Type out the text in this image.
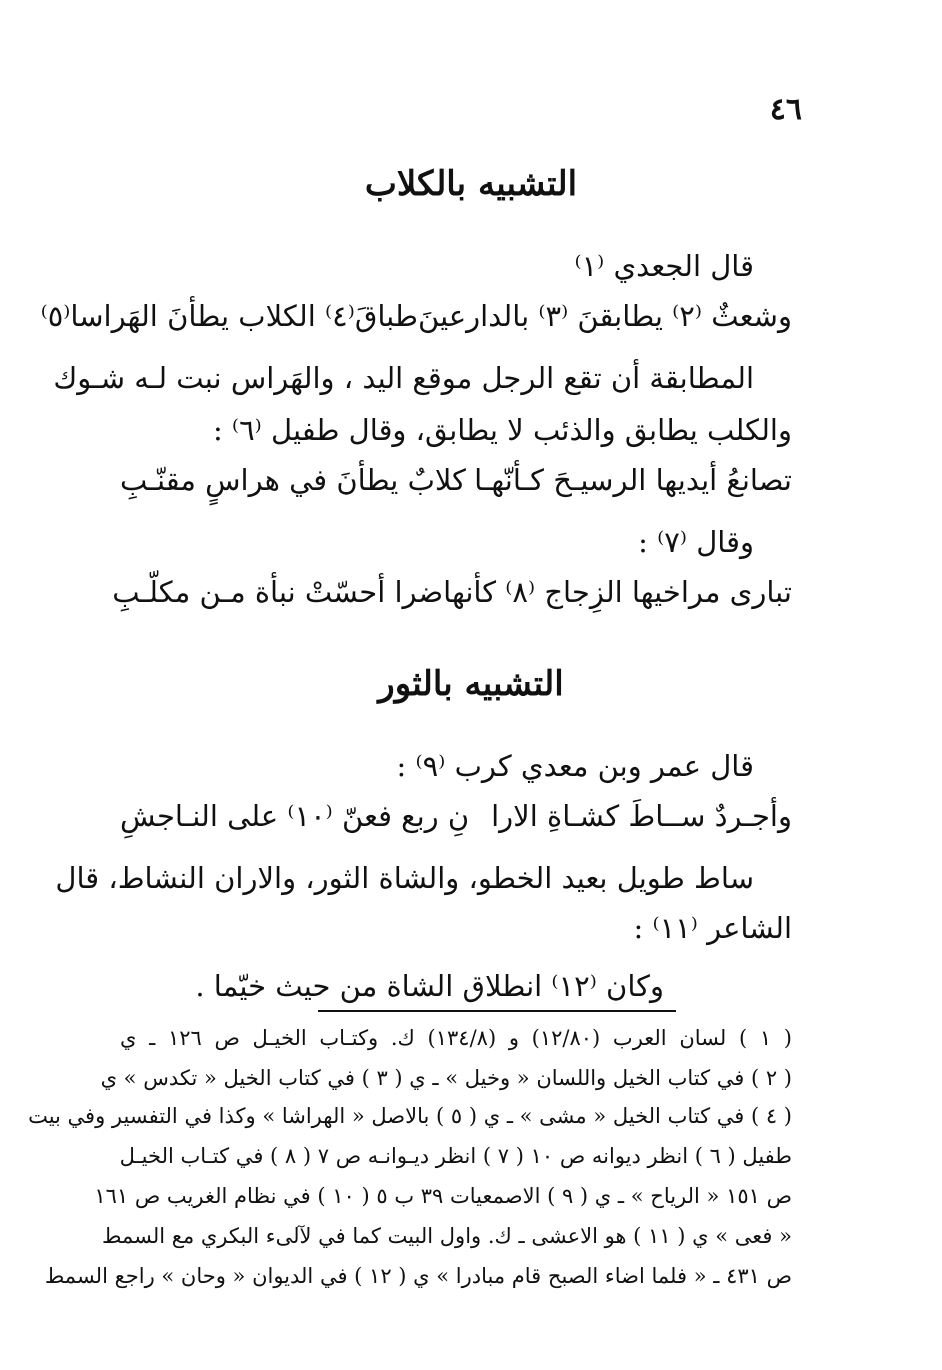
٤٦
التشبيه بالكلاب
قال الجعدي ⁽١⁾
وشعثٌ ⁽٢⁾ يطابقنَ ⁽٣⁾ بالدارعينَ
طباقَ⁽٤⁾ الكلاب يطأنَ الهَراسا⁽٥⁾
المطابقة أن تقع الرجل موقع اليد ، والهَراس نبت لـه شـوك
والكلب يطابق والذئب لا يطابق، وقال طفيل ⁽٦⁾ :
تصانعُ أيديها الرسيـحَ كـأنّهـا
كلابٌ يطأنَ في هراسٍ مقنّـبِ
وقال ⁽٧⁾ :
تبارى مراخيها الزِجاج ⁽٨⁾ كأنها
ضرا أحسّتْ نبأة مـن مكلّـبِ
التشبيه بالثور
قال عمر وبن معدي كرب ⁽٩⁾ :
وأجـردٌ ســاطَ كشـاةِ الارا
نِ ربع فعنّ ⁽١٠⁾ على النـاجشِ
ساط طويل بعيد الخطو، والشاة الثور، والاران النشاط، قال
الشاعر ⁽١١⁾ :
وكان ⁽١٢⁾ انطلاق الشاة من حيث خيّما .
( ١ ) لسان العرب (١٢/٨٠) و (١٣٤/٨) ك. وكتـاب الخيـل ص ١٢٦ ـ ي
( ٢ ) في كتاب الخيل واللسان « وخيل » ـ ي ( ٣ ) في كتاب الخيل « تكدس » ي
( ٤ ) في كتاب الخيل « مشى » ـ ي ( ٥ ) بالاصل « الهراشا » وكذا في التفسير وفي بيت
طفيل ( ٦ ) انظر ديوانه ص ١٠ ( ٧ ) انظر ديـوانـه ص ٧ ( ٨ ) في كتـاب الخيـل
ص ١٥١ « الرياح » ـ ي ( ٩ ) الاصمعيات ٣٩ ب ٥ ( ١٠ ) في نظام الغريب ص ١٦١
« فعى » ي ( ١١ ) هو الاعشى ـ ك. واول البيت كما في لآلىء البكري مع السمط
ص ٤٣١ ـ « فلما اضاء الصبح قام مبادرا » ي ( ١٢ ) في الديوان « وحان » راجع السمط
